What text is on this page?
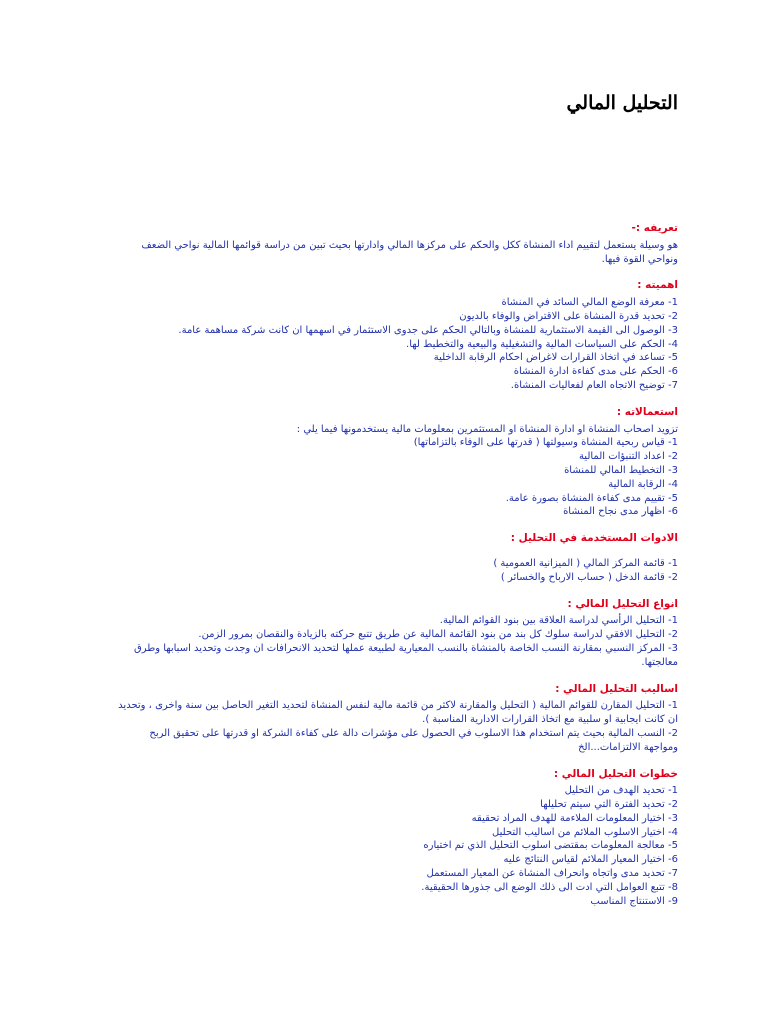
التحليل المالي
تعريفه :-

هو وسيلة يستعمل لتقييم اداء المنشاة ككل والحكم على مركزها المالي وادارتها بحيث تبين من دراسة قوائمها المالية نواحي الضعف ونواحي القوة فيها.

اهميته :

1- معرفة الوضع المالي السائد في المنشاة

2- تحديد قدرة المنشاة على الاقتراض والوفاء بالديون

3- الوصول الى القيمة الاستثمارية للمنشاة وبالتالي الحكم على جدوى الاستثمار في اسهمها ان كانت شركة مساهمة عامة.

4- الحكم على السياسات المالية والتشغيلية والبيعية والتخطيط لها.

5- تساعد في اتخاذ القرارات لاغراض احكام الرقابة الداخلية

6- الحكم على مدى كفاءة ادارة المنشاة

7- توضيح الاتجاه العام لفعاليات المنشاة.

استعمالاته :

تزويد اصحاب المنشاة او ادارة المنشاة او المستثمرين بمعلومات مالية يستخدمونها فيما يلي :

1- قياس ربحية المنشاة وسيولتها ( قدرتها على الوفاء بالتزاماتها)

2- اعداد التنبؤات المالية

3- التخطيط المالي للمنشاة

4- الرقابة المالية

5- تقييم مدى كفاءة المنشاة بصورة عامة.

6- اظهار مدى نجاح المنشاة

الادوات المستخدمة في التحليل :

1- قائمة المركز المالي ( الميزانية العمومية )

2- قائمة الدخل ( حساب الارباح والخسائر )

انواع التحليل المالي :

1- التحليل الرأسي لدراسة العلاقة بين بنود القوائم المالية.

2- التحليل الافقي لدراسة سلوك كل بند من بنود القائمة المالية عن طريق تتبع حركته بالزيادة والنقصان بمرور الزمن.

3- المركز النسبي بمقارنة النسب الخاصة بالمنشاة بالنسب المعيارية لطبيعة عملها لتحديد الانحرافات ان وجدت وتحديد اسبابها وطرق معالجتها.

اساليب التحليل المالي :

1- التحليل المقارن للقوائم المالية ( التحليل والمقارنة لاكثر من قائمة مالية لنفس المنشاة لتحديد التغير الحاصل بين سنة واخرى ، وتحديد ان كانت ايجابية او سلبية مع اتخاذ القرارات الادارية المناسبة ).

2- النسب المالية بحيث يتم استخدام هذا الاسلوب في الحصول على مؤشرات دالة على كفاءة الشركة او قدرتها على تحقيق الربح ومواجهة الالتزامات...الخ

خطوات التحليل المالي :

1- تحديد الهدف من التحليل

2- تحديد الفترة التي سيتم تحليلها

3- اختيار المعلومات الملاءمة للهدف المراد تحقيقه

4- اختيار الاسلوب الملائم من اساليب التحليل

5- معالجة المعلومات بمقتضى اسلوب التحليل الذي تم اختياره

6- اختيار المعيار الملائم لقياس النتائج عليه

7- تحديد مدى واتجاه وانحراف المنشاة عن المعيار المستعمل

8- تتبع العوامل التي ادت الى ذلك الوضع الى جذورها الحقيقية.

9- الاستنتاج المناسب
